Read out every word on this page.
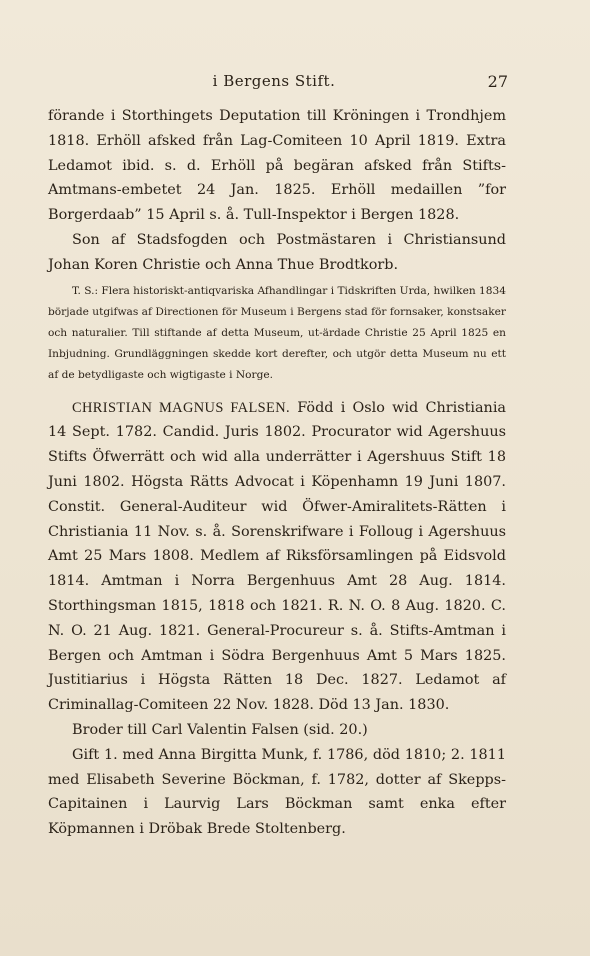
i Bergens Stift.	27

förande i Storthingets Deputation till Kröningen i Trondhjem 1818. Erhöll afsked från Lag-Comiteen 10 April 1819. Extra Ledamot ibid. s. d. Erhöll på begäran afsked från Stifts-Amtmans-embetet 24 Jan. 1825. Erhöll medaillen ”for Borgerdaab” 15 April s. å. Tull-Inspektor i Bergen 1828.

Son af Stadsfogden och Postmästaren i Christiansund Johan Koren Christie och Anna Thue Brodtkorb.

T. S.: Flera historiskt-antiqvariska Afhandlingar i Tidskriften Urda, hwilken 1834 började utgifwas af Directionen för Museum i Bergens stad för fornsaker, konstsaker och naturalier. Till stiftande af detta Museum, ut-ärdade Christie 25 April 1825 en Inbjudning. Grundläggningen skedde kort derefter, och utgör detta Museum nu ett af de betydligaste och wigtigaste i Norge.

CHRISTIAN MAGNUS FALSEN. Född i Oslo wid Christiania 14 Sept. 1782. Candid. Juris 1802. Procurator wid Agershuus Stifts Öfwerrätt och wid alla underrätter i Agershuus Stift 18 Juni 1802. Högsta Rätts Advocat i Köpenhamn 19 Juni 1807. Constit. General-Auditeur wid Öfwer-Amiralitets-Rätten i Christiania 11 Nov. s. å. Sorenskrifware i Folloug i Agershuus Amt 25 Mars 1808. Medlem af Riksförsamlingen på Eidsvold 1814. Amtman i Norra Bergenhuus Amt 28 Aug. 1814. Storthingsman 1815, 1818 och 1821. R. N. O. 8 Aug. 1820. C. N. O. 21 Aug. 1821. General-Procureur s. å. Stifts-Amtman i Bergen och Amtman i Södra Bergenhuus Amt 5 Mars 1825. Justitiarius i Högsta Rätten 18 Dec. 1827. Ledamot af Criminallag-Comiteen 22 Nov. 1828. Död 13 Jan. 1830.

Broder till Carl Valentin Falsen (sid. 20.)

Gift 1. med Anna Birgitta Munk, f. 1786, död 1810; 2. 1811 med Elisabeth Severine Böckman, f. 1782, dotter af Skepps-Capitainen i Laurvig Lars Böckman samt enka efter Köpmannen i Dröbak Brede Stoltenberg.
